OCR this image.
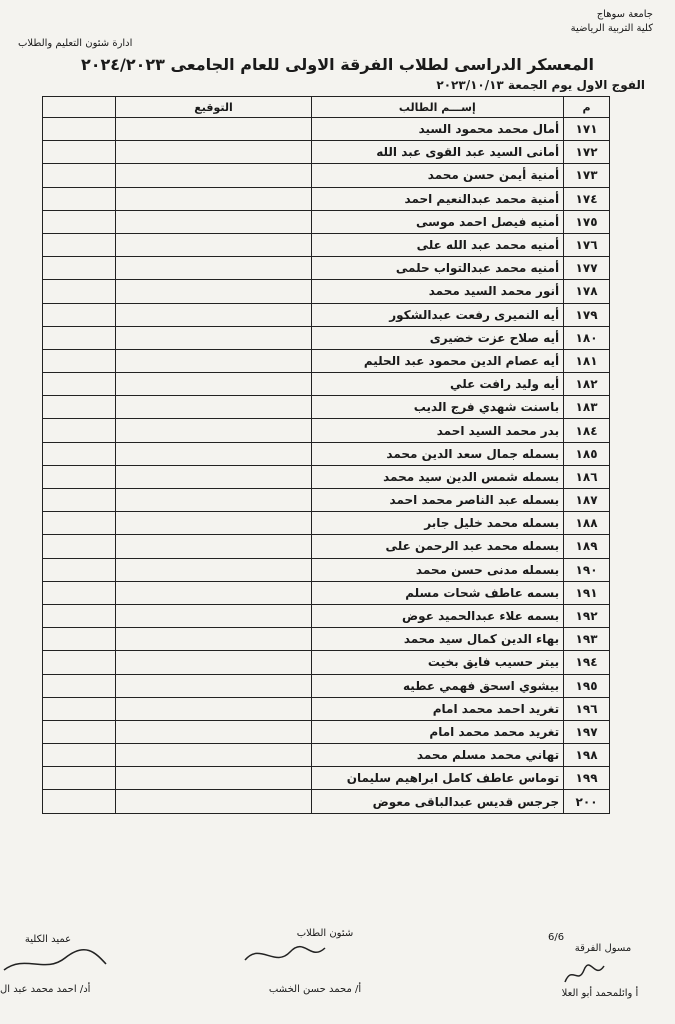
جامعة سوهاج
كلية التربية الرياضية
ادارة شئون التعليم والطلاب
المعسكر الدراسى لطلاب الفرقة الاولى للعام الجامعى ٢٠٢٤/٢٠٢٣
الفوج الاول يوم الجمعة ٢٠٢٣/١٠/١٣
م	إســـم الطالب	التوقيع	
١٧١	أمال محمد محمود السيد		
١٧٢	أمانى السيد عبد القوى عبد الله		
١٧٣	أمنية أيمن حسن محمد		
١٧٤	أمنية محمد عبدالنعيم احمد		
١٧٥	أمنيه فيصل احمد موسى		
١٧٦	أمنيه محمد عبد الله على		
١٧٧	أمنيه محمد عبدالتواب حلمى		
١٧٨	أنور محمد السيد محمد		
١٧٩	أيه النميرى رفعت عبدالشكور		
١٨٠	أيه صلاح عزت خضيرى		
١٨١	أيه عصام الدين محمود عبد الحليم		
١٨٢	أيه وليد رافت علي		
١٨٣	باسنت شهدي فرج الديب		
١٨٤	بدر محمد السيد احمد		
١٨٥	بسمله جمال سعد الدين محمد		
١٨٦	بسمله شمس الدين سيد محمد		
١٨٧	بسمله عبد الناصر محمد احمد		
١٨٨	بسمله محمد خليل جابر		
١٨٩	بسمله محمد عبد الرحمن على		
١٩٠	بسمله مدنى حسن محمد		
١٩١	بسمه عاطف شحات مسلم		
١٩٢	بسمه علاء عبدالحميد عوض		
١٩٣	بهاء الدين كمال سيد محمد		
١٩٤	بيتر حسيب فايق بخيت		
١٩٥	بيشوي اسحق فهمي عطيه		
١٩٦	تغريد احمد محمد امام		
١٩٧	تغريد محمد محمد امام		
١٩٨	تهاني محمد مسلم محمد		
١٩٩	توماس عاطف كامل ابراهيم سليمان		
٢٠٠	جرجس قديس عبدالباقى معوض		
6/6
مسول الفرقة
أ وائلمحمد أبو العلا
شئون الطلاب
أ/ محمد حسن الخشب
عميد الكلية
أد/ احمد محمد عبد ال
